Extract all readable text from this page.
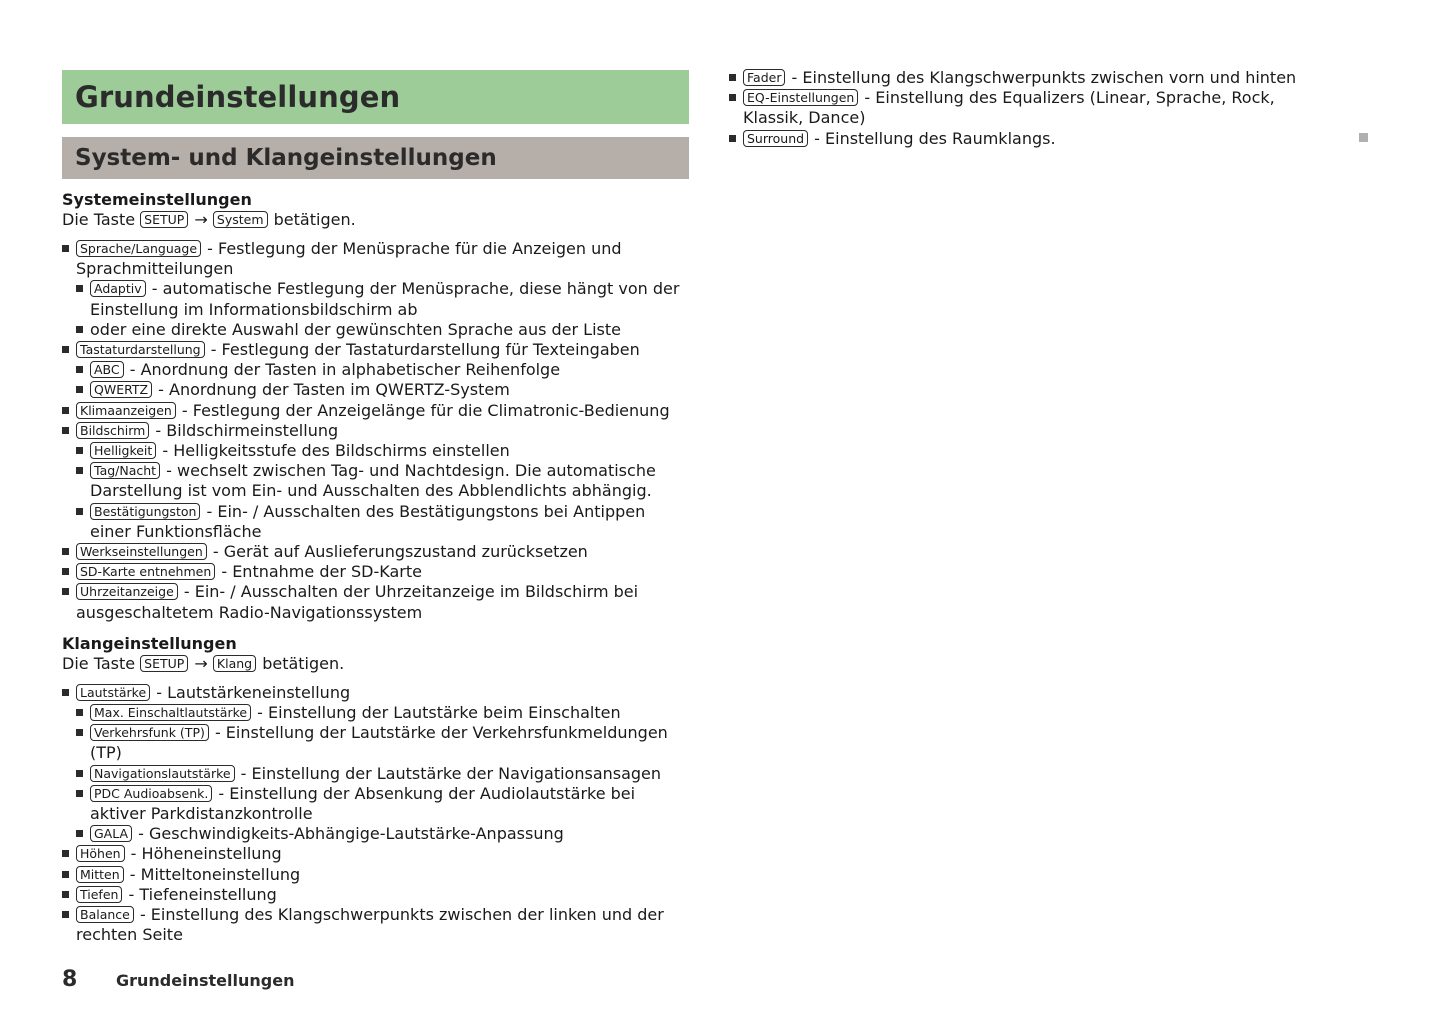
Grundeinstellungen
System- und Klangeinstellungen
Systemeinstellungen
Die Taste SETUP → System betätigen.
Sprache/Language - Festlegung der Menüsprache für die Anzeigen und Sprachmitteilungen
Adaptiv - automatische Festlegung der Menüsprache, diese hängt von der Einstellung im Informationsbildschirm ab
oder eine direkte Auswahl der gewünschten Sprache aus der Liste
Tastaturdarstellung - Festlegung der Tastaturdarstellung für Texteingaben
ABC - Anordnung der Tasten in alphabetischer Reihenfolge
QWERTZ - Anordnung der Tasten im QWERTZ-System
Klimaanzeigen - Festlegung der Anzeigelänge für die Climatronic-Bedienung
Bildschirm - Bildschirmeinstellung
Helligkeit - Helligkeitsstufe des Bildschirms einstellen
Tag/Nacht - wechselt zwischen Tag- und Nachtdesign. Die automatische Darstellung ist vom Ein- und Ausschalten des Abblendlichts abhängig.
Bestätigungston - Ein- / Ausschalten des Bestätigungstons bei Antippen einer Funktionsfläche
Werkseinstellungen - Gerät auf Auslieferungszustand zurücksetzen
SD-Karte entnehmen - Entnahme der SD-Karte
Uhrzeitanzeige - Ein- / Ausschalten der Uhrzeitanzeige im Bildschirm bei ausgeschaltetem Radio-Navigationssystem
Klangeinstellungen
Die Taste SETUP → Klang betätigen.
Lautstärke - Lautstärkeneinstellung
Max. Einschaltlautstärke - Einstellung der Lautstärke beim Einschalten
Verkehrsfunk (TP) - Einstellung der Lautstärke der Verkehrsfunkmeldungen (TP)
Navigationslautstärke - Einstellung der Lautstärke der Navigationsansagen
PDC Audioabsenk. - Einstellung der Absenkung der Audiolautstärke bei aktiver Parkdistanzkontrolle
GALA - Geschwindigkeits-Abhängige-Lautstärke-Anpassung
Höhen - Höheneinstellung
Mitten - Mitteltoneinstellung
Tiefen - Tiefeneinstellung
Balance - Einstellung des Klangschwerpunkts zwischen der linken und der rechten Seite
Fader - Einstellung des Klangschwerpunkts zwischen vorn und hinten
EQ-Einstellungen - Einstellung des Equalizers (Linear, Sprache, Rock, Klassik, Dance)
Surround - Einstellung des Raumklangs.
8	Grundeinstellungen
